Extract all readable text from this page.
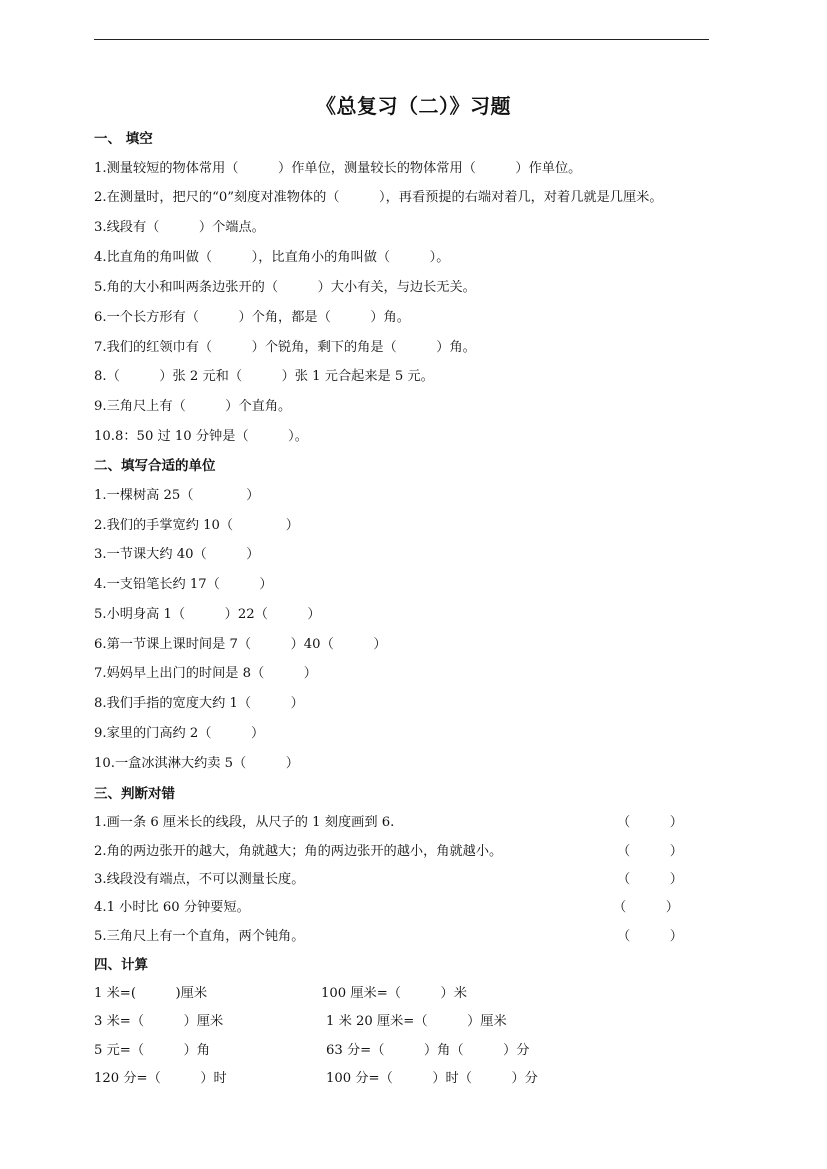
《总复习（二）》习题
一、 填空
1.测量较短的物体常用（　　　）作单位，测量较长的物体常用（　　　）作单位。
2.在测量时，把尺的“0”刻度对准物体的（　　　），再看预提的右端对着几，对着几就是几厘米。
3.线段有（　　　）个端点。
4.比直角的角叫做（　　　），比直角小的角叫做（　　　）。
5.角的大小和叫两条边张开的（　　　）大小有关，与边长无关。
6.一个长方形有（　　　）个角，都是（　　　）角。
7.我们的红领巾有（　　　）个锐角，剩下的角是（　　　）角。
8.（　　　）张 2 元和（　　　）张 1 元合起来是 5 元。
9.三角尺上有（　　　）个直角。
10.8：50 过 10 分钟是（　　　）。
二、填写合适的单位
1.一棵树高 25（　　　　）
2.我们的手掌宽约 10（　　　　）
3.一节课大约 40（　　　）
4.一支铅笔长约 17（　　　）
5.小明身高 1（　　　）22（　　　）
6.第一节课上课时间是 7（　　　）40（　　　）
7.妈妈早上出门的时间是 8（　　　）
8.我们手指的宽度大约 1（　　　）
9.家里的门高约 2（　　　）
10.一盒冰淇淋大约卖 5（　　　）
三、判断对错
1.画一条 6 厘米长的线段，从尺子的 1 刻度画到 6.	（　　　）
2.角的两边张开的越大，角就越大；角的两边张开的越小，角就越小。	（　　　）
3.线段没有端点，不可以测量长度。	（　　　）
4.1 小时比 60 分钟要短。	（　　　）
5.三角尺上有一个直角，两个钝角。	（　　　）
四、计算
1 米=(　　　)厘米	100 厘米=（　　　）米
3 米=（　　　）厘米	1 米 20 厘米=（　　　）厘米
5 元=（　　　）角	63 分=（　　　）角（　　　）分
120 分=（　　　）时	100 分=（　　　）时（　　　）分
